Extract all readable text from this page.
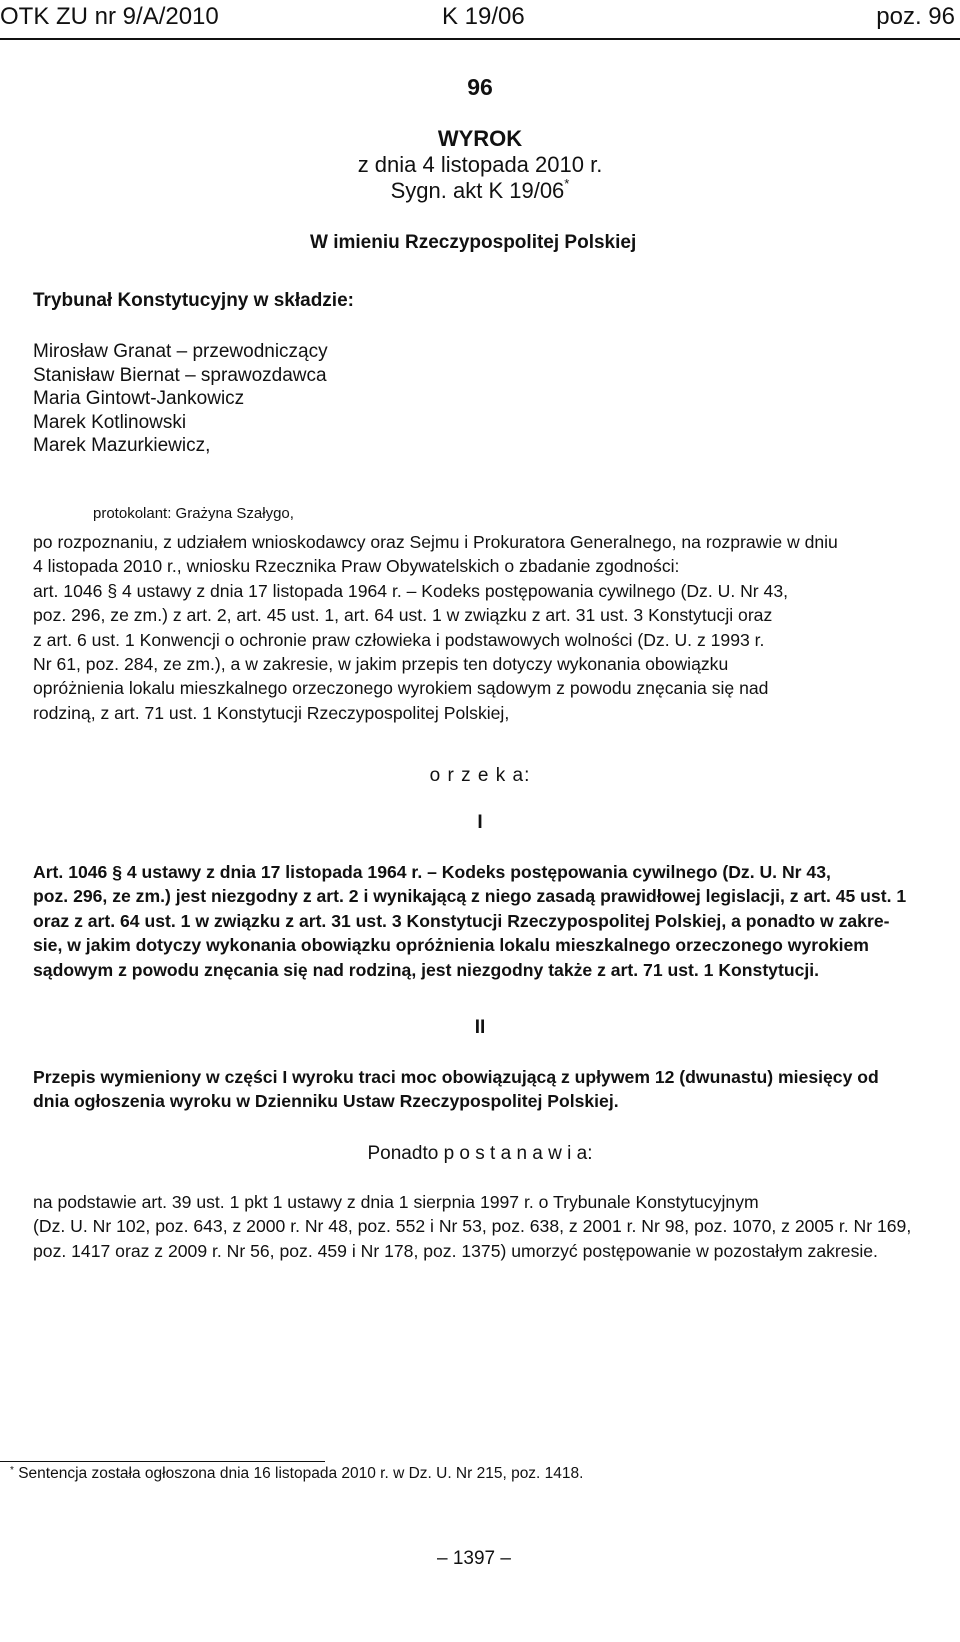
OTK ZU nr 9/A/2010	K 19/06	poz. 96
96
WYROK
z dnia 4 listopada 2010 r.
Sygn. akt K 19/06*
W imieniu Rzeczypospolitej Polskiej
Trybunał Konstytucyjny w składzie:
Mirosław Granat – przewodniczący
Stanisław Biernat – sprawozdawca
Maria Gintowt-Jankowicz
Marek Kotlinowski
Marek Mazurkiewicz,
protokolant: Grażyna Szałygo,
po rozpoznaniu, z udziałem wnioskodawcy oraz Sejmu i Prokuratora Generalnego, na rozprawie w dniu
4 listopada 2010 r., wniosku Rzecznika Praw Obywatelskich o zbadanie zgodności:
art. 1046 § 4 ustawy z dnia 17 listopada 1964 r. – Kodeks postępowania cywilnego (Dz. U. Nr 43,
poz. 296, ze zm.) z art. 2, art. 45 ust. 1, art. 64 ust. 1 w związku z art. 31 ust. 3 Konstytucji oraz
z art. 6 ust. 1 Konwencji o ochronie praw człowieka i podstawowych wolności (Dz. U. z 1993 r.
Nr 61, poz. 284, ze zm.), a w zakresie, w jakim przepis ten dotyczy wykonania obowiązku
opróżnienia lokalu mieszkalnego orzeczonego wyrokiem sądowym z powodu znęcania się nad
rodziną, z art. 71 ust. 1 Konstytucji Rzeczypospolitej Polskiej,
o r z e k a:
I
Art. 1046 § 4 ustawy z dnia 17 listopada 1964 r. – Kodeks postępowania cywilnego (Dz. U. Nr 43,
poz. 296, ze zm.) jest niezgodny z art. 2 i wynikającą z niego zasadą prawidłowej legislacji, z art. 45 ust. 1
oraz z art. 64 ust. 1 w związku z art. 31 ust. 3 Konstytucji Rzeczypospolitej Polskiej, a ponadto w zakre-
sie, w jakim dotyczy wykonania obowiązku opróżnienia lokalu mieszkalnego orzeczonego wyrokiem
sądowym z powodu znęcania się nad rodziną, jest niezgodny także z art. 71 ust. 1 Konstytucji.
II
Przepis wymieniony w części I wyroku traci moc obowiązującą z upływem 12 (dwunastu) miesięcy od
dnia ogłoszenia wyroku w Dzienniku Ustaw Rzeczypospolitej Polskiej.
Ponadto p o s t a n a w i a:
na podstawie art. 39 ust. 1 pkt 1 ustawy z dnia 1 sierpnia 1997 r. o Trybunale Konstytucyjnym
(Dz. U. Nr 102, poz. 643, z 2000 r. Nr 48, poz. 552 i Nr 53, poz. 638, z 2001 r. Nr 98, poz. 1070, z 2005 r. Nr 169,
poz. 1417 oraz z 2009 r. Nr 56, poz. 459 i Nr 178, poz. 1375) umorzyć postępowanie w pozostałym zakresie.
* Sentencja została ogłoszona dnia 16 listopada 2010 r. w Dz. U. Nr 215, poz. 1418.
– 1397 –
